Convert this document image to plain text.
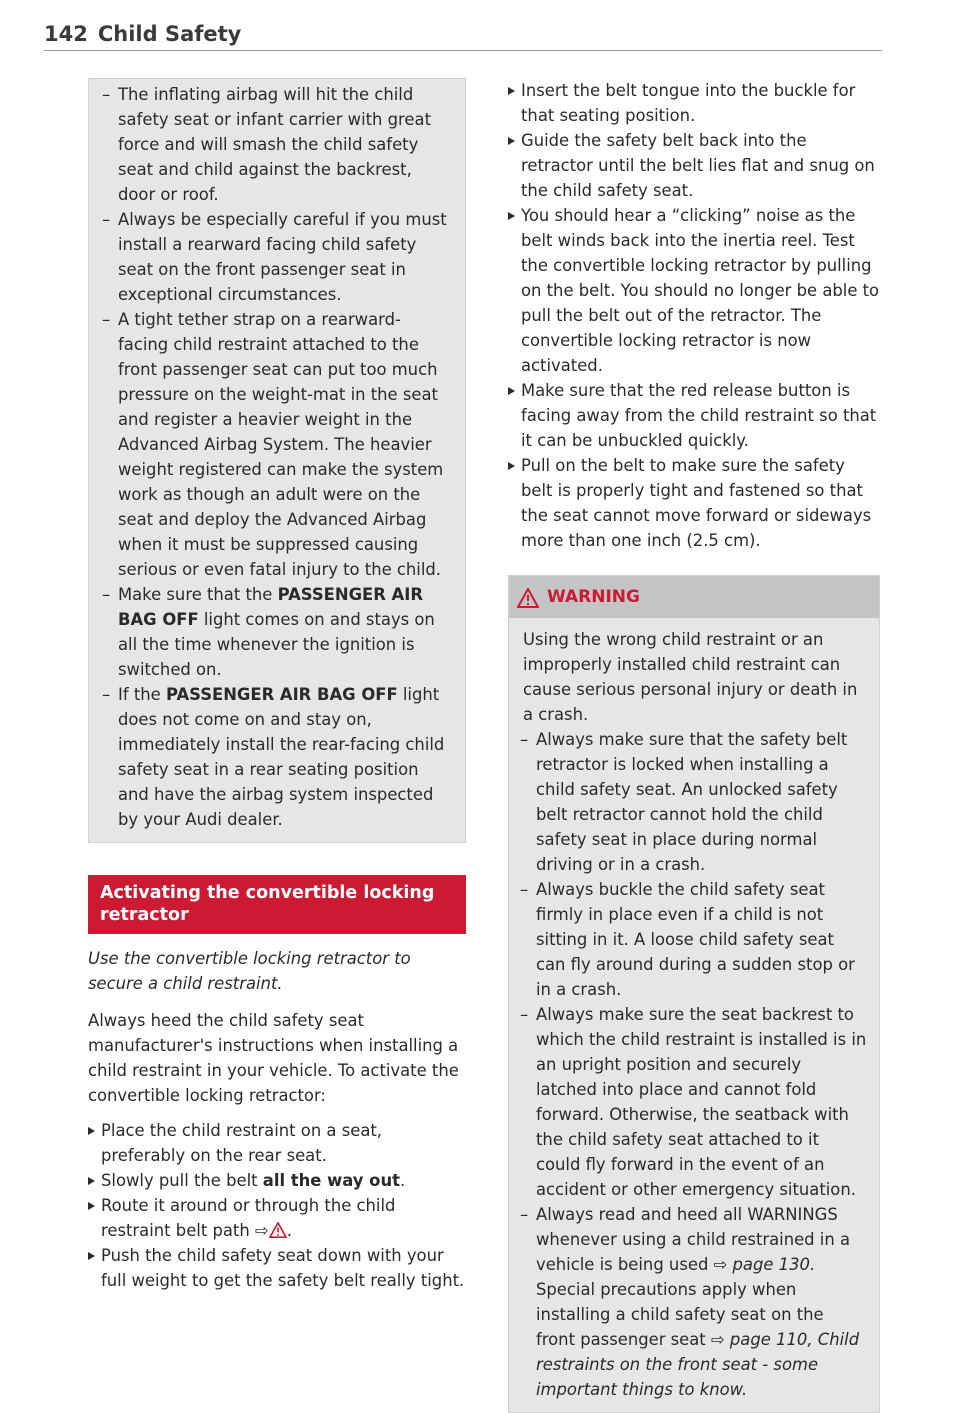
142 Child Safety

– The inflating airbag will hit the child safety seat or infant carrier with great force and will smash the child safety seat and child against the backrest, door or roof.

– Always be especially careful if you must install a rearward facing child safety seat on the front passenger seat in exceptional circumstances.

– A tight tether strap on a rearward-facing child restraint attached to the front passenger seat can put too much pressure on the weight-mat in the seat and register a heavier weight in the Advanced Airbag System. The heavier weight registered can make the system work as though an adult were on the seat and deploy the Advanced Airbag when it must be suppressed causing serious or even fatal injury to the child.

– Make sure that the PASSENGER AIR BAG OFF light comes on and stays on all the time whenever the ignition is switched on.

– If the PASSENGER AIR BAG OFF light does not come on and stay on, immediately install the rear-facing child safety seat in a rear seating position and have the airbag system inspected by your Audi dealer.

Activating the convertible locking retractor
Use the convertible locking retractor to secure a child restraint.
Always heed the child safety seat manufacturer's instructions when installing a child restraint in your vehicle. To activate the convertible locking retractor:
Place the child restraint on a seat, preferably on the rear seat.
Slowly pull the belt all the way out.
Route it around or through the child restraint belt path ⇨ .
Push the child safety seat down with your full weight to get the safety belt really tight.
Insert the belt tongue into the buckle for that seating position.
Guide the safety belt back into the retractor until the belt lies flat and snug on the child safety seat.
You should hear a “clicking” noise as the belt winds back into the inertia reel. Test the convertible locking retractor by pulling on the belt. You should no longer be able to pull the belt out of the retractor. The convertible locking retractor is now activated.
Make sure that the red release button is facing away from the child restraint so that it can be unbuckled quickly.
Pull on the belt to make sure the safety belt is properly tight and fastened so that the seat cannot move forward or sideways more than one inch (2.5 cm).
WARNING
Using the wrong child restraint or an improperly installed child restraint can cause serious personal injury or death in a crash.

– Always make sure that the safety belt retractor is locked when installing a child safety seat. An unlocked safety belt retractor cannot hold the child safety seat in place during normal driving or in a crash.

– Always buckle the child safety seat firmly in place even if a child is not sitting in it. A loose child safety seat can fly around during a sudden stop or in a crash.

– Always make sure the seat backrest to which the child restraint is installed is in an upright position and securely latched into place and cannot fold forward. Otherwise, the seatback with the child safety seat attached to it could fly forward in the event of an accident or other emergency situation.

– Always read and heed all WARNINGS whenever using a child restrained in a vehicle is being used ⇨ page 130. Special precautions apply when installing a child safety seat on the front passenger seat ⇨ page 110, Child restraints on the front seat - some important things to know.
